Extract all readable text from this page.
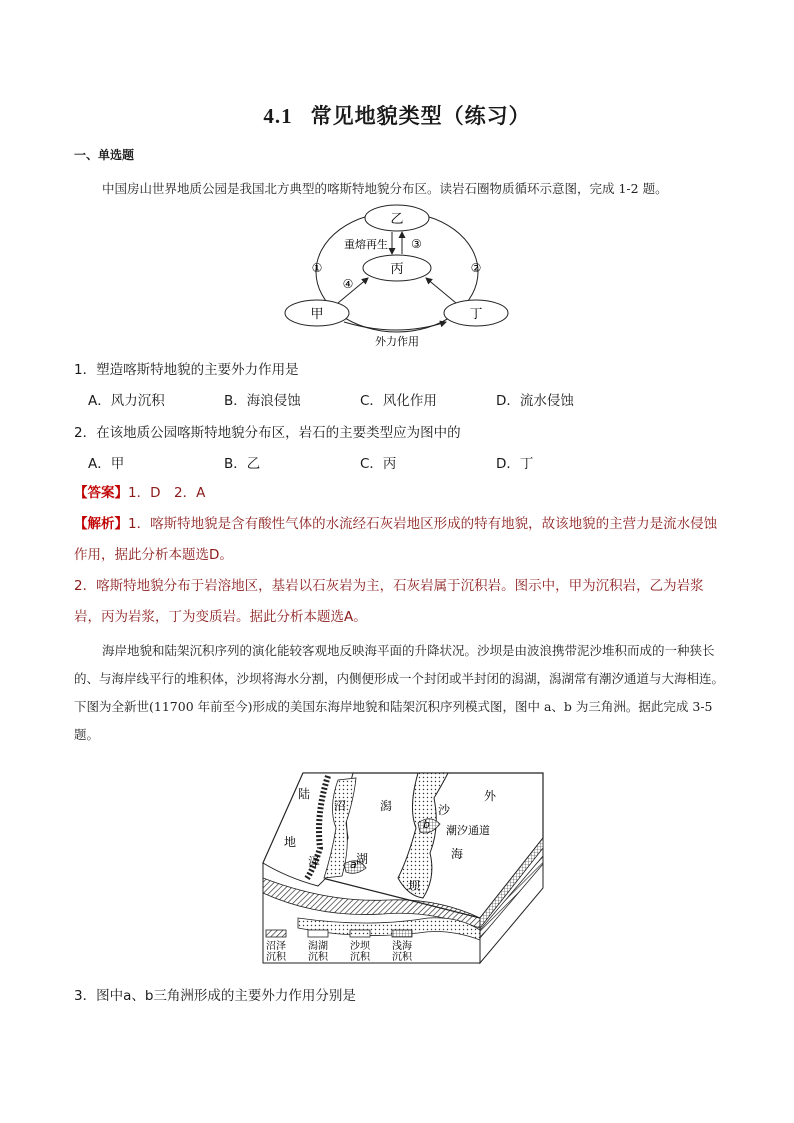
4.1 常见地貌类型（练习）
一、单选题
中国房山世界地质公园是我国北方典型的喀斯特地貌分布区。读岩石圈物质循环示意图，完成 1-2 题。
乙
丙
甲	丁
重熔再生 ③
①	②
④
外力作用
1．塑造喀斯特地貌的主要外力作用是
A．风力沉积	B．海浪侵蚀	C．风化作用	D．流水侵蚀
2．在该地质公园喀斯特地貌分布区，岩石的主要类型应为图中的
A．甲	B．乙	C．丙	D．丁
【答案】1．D　2．A
【解析】1．喀斯特地貌是含有酸性气体的水流经石灰岩地区形成的特有地貌，故该地貌的主营力是流水侵蚀作用，据此分析本题选D。
2．喀斯特地貌分布于岩溶地区，基岩以石灰岩为主，石灰岩属于沉积岩。图示中，甲为沉积岩，乙为岩浆岩，丙为岩浆，丁为变质岩。据此分析本题选A。
海岸地貌和陆架沉积序列的演化能较客观地反映海平面的升降状况。沙坝是由波浪携带泥沙堆积而成的一种狭长的、与海岸线平行的堆积体，沙坝将海水分割，内侧便形成一个封闭或半封闭的潟湖，潟湖常有潮汐通道与大海相连。下图为全新世(11700 年前至今)形成的美国东海岸地貌和陆架沉积序列模式图，图中 a、b 为三角洲。据此完成 3-5 题。
陆
地
沼
泽
潟
湖
沙
坝
外
海
潮汐通道
a
b
沼泽
沉积
潟湖
沉积
沙坝
沉积
浅海
沉积
3．图中a、b三角洲形成的主要外力作用分别是
